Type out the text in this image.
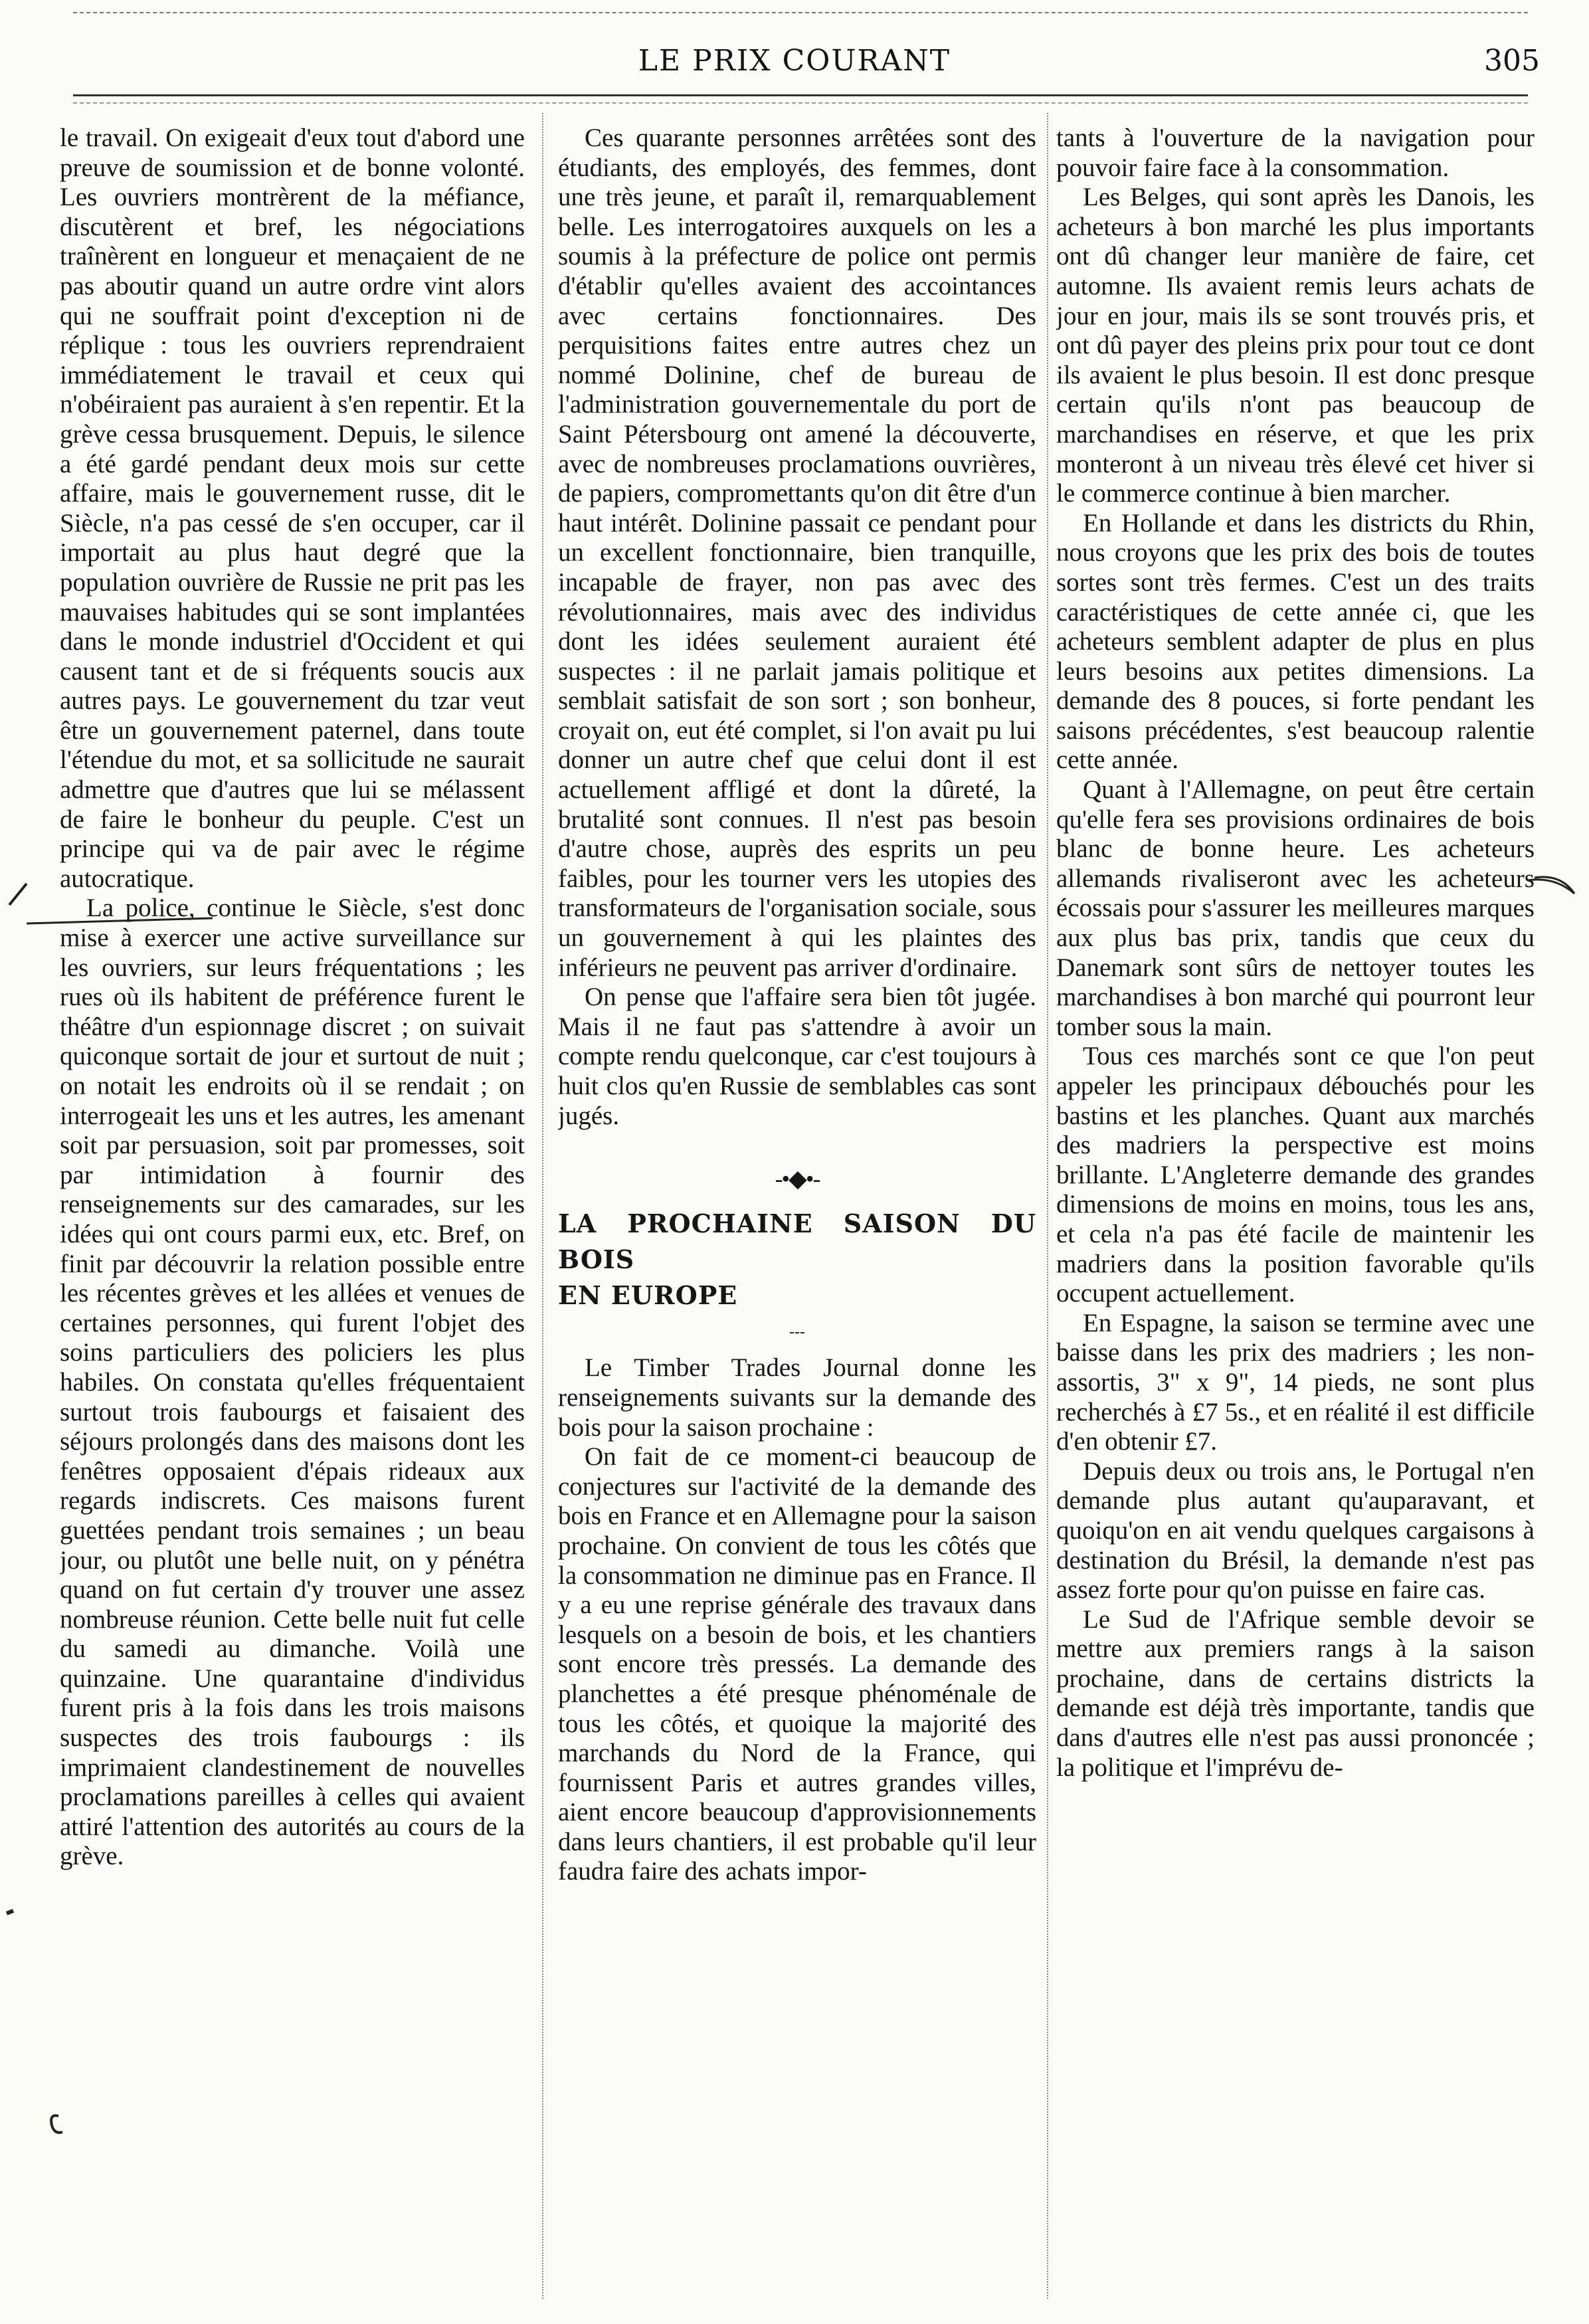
LE PRIX COURANT	305

le travail. On exigeait d'eux tout d'abord une preuve de soumission et de bonne volonté. Les ouvriers montrèrent de la méfiance, discutèrent et bref, les négociations traînèrent en longueur et menaçaient de ne pas aboutir quand un autre ordre vint alors qui ne souffrait point d'exception ni de réplique : tous les ouvriers reprendraient immédiatement le travail et ceux qui n'obéiraient pas auraient à s'en repentir. Et la grève cessa brusquement. Depuis, le silence a été gardé pendant deux mois sur cette affaire, mais le gouvernement russe, dit le Siècle, n'a pas cessé de s'en occuper, car il importait au plus haut degré que la population ouvrière de Russie ne prit pas les mauvaises habitudes qui se sont implantées dans le monde industriel d'Occident et qui causent tant et de si fréquents soucis aux autres pays. Le gouvernement du tzar veut être un gouvernement paternel, dans toute l'étendue du mot, et sa sollicitude ne saurait admettre que d'autres que lui se mélassent de faire le bonheur du peuple. C'est un principe qui va de pair avec le régime autocratique.

La police, continue le Siècle, s'est donc mise à exercer une active surveillance sur les ouvriers, sur leurs fréquentations ; les rues où ils habitent de préférence furent le théâtre d'un espionnage discret ; on suivait quiconque sortait de jour et surtout de nuit ; on notait les endroits où il se rendait ; on interrogeait les uns et les autres, les amenant soit par persuasion, soit par promesses, soit par intimidation à fournir des renseignements sur des camarades, sur les idées qui ont cours parmi eux, etc. Bref, on finit par découvrir la relation possible entre les récentes grèves et les allées et venues de certaines personnes, qui furent l'objet des soins particuliers des policiers les plus habiles. On constata qu'elles fréquentaient surtout trois faubourgs et faisaient des séjours prolongés dans des maisons dont les fenêtres opposaient d'épais rideaux aux regards indiscrets. Ces maisons furent guettées pendant trois semaines ; un beau jour, ou plutôt une belle nuit, on y pénétra quand on fut certain d'y trouver une assez nombreuse réunion. Cette belle nuit fut celle du samedi au dimanche. Voilà une quinzaine. Une quarantaine d'individus furent pris à la fois dans les trois maisons suspectes des trois faubourgs : ils imprimaient clandestinement de nouvelles proclamations pareilles à celles qui avaient attiré l'attention des autorités au cours de la grève.

Ces quarante personnes arrêtées sont des étudiants, des employés, des femmes, dont une très jeune, et paraît il, remarquablement belle. Les interrogatoires auxquels on les a soumis à la préfecture de police ont permis d'établir qu'elles avaient des accointances avec certains fonctionnaires. Des perquisitions faites entre autres chez un nommé Dolinine, chef de bureau de l'administration gouvernementale du port de Saint Pétersbourg ont amené la découverte, avec de nombreuses proclamations ouvrières, de papiers, compromettants qu'on dit être d'un haut intérêt. Dolinine passait ce pendant pour un excellent fonctionnaire, bien tranquille, incapable de frayer, non pas avec des révolutionnaires, mais avec des individus dont les idées seulement auraient été suspectes : il ne parlait jamais politique et semblait satisfait de son sort ; son bonheur, croyait on, eut été complet, si l'on avait pu lui donner un autre chef que celui dont il est actuellement affligé et dont la dûreté, la brutalité sont connues. Il n'est pas besoin d'autre chose, auprès des esprits un peu faibles, pour les tourner vers les utopies des transformateurs de l'organisation sociale, sous un gouvernement à qui les plaintes des inférieurs ne peuvent pas arriver d'ordinaire.

On pense que l'affaire sera bien tôt jugée. Mais il ne faut pas s'attendre à avoir un compte rendu quelconque, car c'est toujours à huit clos qu'en Russie de semblables cas sont jugés.

-•◆•-

LA PROCHAINE SAISON DU BOIS

EN EUROPE

---

Le Timber Trades Journal donne les renseignements suivants sur la demande des bois pour la saison prochaine :

On fait de ce moment-ci beaucoup de conjectures sur l'activité de la demande des bois en France et en Allemagne pour la saison prochaine. On convient de tous les côtés que la consommation ne diminue pas en France. Il y a eu une reprise générale des travaux dans lesquels on a besoin de bois, et les chantiers sont encore très pressés. La demande des planchettes a été presque phénoménale de tous les côtés, et quoique la majorité des marchands du Nord de la France, qui fournissent Paris et autres grandes villes, aient encore beaucoup d'approvisionnements dans leurs chantiers, il est probable qu'il leur faudra faire des achats impor-

tants à l'ouverture de la navigation pour pouvoir faire face à la consommation.

Les Belges, qui sont après les Danois, les acheteurs à bon marché les plus importants ont dû changer leur manière de faire, cet automne. Ils avaient remis leurs achats de jour en jour, mais ils se sont trouvés pris, et ont dû payer des pleins prix pour tout ce dont ils avaient le plus besoin. Il est donc presque certain qu'ils n'ont pas beaucoup de marchandises en réserve, et que les prix monteront à un niveau très élevé cet hiver si le commerce continue à bien marcher.

En Hollande et dans les districts du Rhin, nous croyons que les prix des bois de toutes sortes sont très fermes. C'est un des traits caractéristiques de cette année ci, que les acheteurs semblent adapter de plus en plus leurs besoins aux petites dimensions. La demande des 8 pouces, si forte pendant les saisons précédentes, s'est beaucoup ralentie cette année.

Quant à l'Allemagne, on peut être certain qu'elle fera ses provisions ordinaires de bois blanc de bonne heure. Les acheteurs allemands rivaliseront avec les acheteurs écossais pour s'assurer les meilleures marques aux plus bas prix, tandis que ceux du Danemark sont sûrs de nettoyer toutes les marchandises à bon marché qui pourront leur tomber sous la main.

Tous ces marchés sont ce que l'on peut appeler les principaux débouchés pour les bastins et les planches. Quant aux marchés des madriers la perspective est moins brillante. L'Angleterre demande des grandes dimensions de moins en moins, tous les ans, et cela n'a pas été facile de maintenir les madriers dans la position favorable qu'ils occupent actuellement.

En Espagne, la saison se termine avec une baisse dans les prix des madriers ; les non-assortis, 3" x 9", 14 pieds, ne sont plus recherchés à £7 5s., et en réalité il est difficile d'en obtenir £7.

Depuis deux ou trois ans, le Portugal n'en demande plus autant qu'auparavant, et quoiqu'on en ait vendu quelques cargaisons à destination du Brésil, la demande n'est pas assez forte pour qu'on puisse en faire cas.

Le Sud de l'Afrique semble devoir se mettre aux premiers rangs à la saison prochaine, dans de certains districts la demande est déjà très importante, tandis que dans d'autres elle n'est pas aussi prononcée ; la politique et l'imprévu de-
